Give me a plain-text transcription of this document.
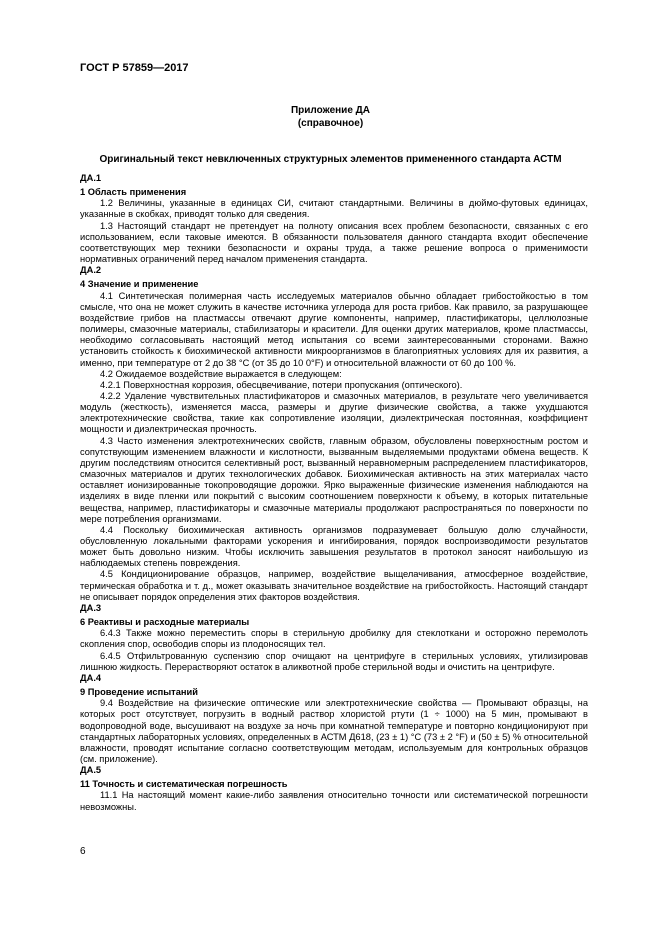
ГОСТ Р 57859—2017
Приложение ДА
(справочное)
Оригинальный текст невключенных структурных элементов примененного стандарта АСТМ
ДА.1
1 Область применения
1.2 Величины, указанные в единицах СИ, считают стандартными. Величины в дюймо-футовых единицах, указанные в скобках, приводят только для сведения.
1.3 Настоящий стандарт не претендует на полноту описания всех проблем безопасности, связанных с его использованием, если таковые имеются. В обязанности пользователя данного стандарта входит обеспечение соответствующих мер техники безопасности и охраны труда, а также решение вопроса о применимости нормативных ограничений перед началом применения стандарта.
ДА.2
4 Значение и применение
4.1 Синтетическая полимерная часть исследуемых материалов обычно обладает грибостойкостью в том смысле, что она не может служить в качестве источника углерода для роста грибов. Как правило, за разрушающее воздействие грибов на пластмассы отвечают другие компоненты, например, пластификаторы, целлюлозные полимеры, смазочные материалы, стабилизаторы и красители. Для оценки других материалов, кроме пластмассы, необходимо согласовывать настоящий метод испытания со всеми заинтересованными сторонами. Важно установить стойкость к биохимической активности микроорганизмов в благоприятных условиях для их развития, а именно, при температуре от 2 до 38 °C (от 35 до 10 0°F) и относительной влажности от 60 до 100 %.
4.2 Ожидаемое воздействие выражается в следующем:
4.2.1 Поверхностная коррозия, обесцвечивание, потери пропускания (оптического).
4.2.2 Удаление чувствительных пластификаторов и смазочных материалов, в результате чего увеличивается модуль (жесткость), изменяется масса, размеры и другие физические свойства, а также ухудшаются электротехнические свойства, такие как сопротивление изоляции, диэлектрическая постоянная, коэффициент мощности и диэлектрическая прочность.
4.3 Часто изменения электротехнических свойств, главным образом, обусловлены поверхностным ростом и сопутствующим изменением влажности и кислотности, вызванным выделяемыми продуктами обмена веществ. К другим последствиям относится селективный рост, вызванный неравномерным распределением пластификаторов, смазочных материалов и других технологических добавок. Биохимическая активность на этих материалах часто оставляет ионизированные токопроводящие дорожки. Ярко выраженные физические изменения наблюдаются на изделиях в виде пленки или покрытий с высоким соотношением поверхности к объему, в которых питательные вещества, например, пластификаторы и смазочные материалы продолжают распространяться по поверхности по мере потребления организмами.
4.4 Поскольку биохимическая активность организмов подразумевает большую долю случайности, обусловленную локальными факторами ускорения и ингибирования, порядок воспроизводимости результатов может быть довольно низким. Чтобы исключить завышения результатов в протокол заносят наибольшую из наблюдаемых степень повреждения.
4.5 Кондиционирование образцов, например, воздействие выщелачивания, атмосферное воздействие, термическая обработка и т. д., может оказывать значительное воздействие на грибостойкость. Настоящий стандарт не описывает порядок определения этих факторов воздействия.
ДА.3
6 Реактивы и расходные материалы
6.4.3 Также можно переместить споры в стерильную дробилку для стеклоткани и осторожно перемолоть скопления спор, освободив споры из плодоносящих тел.
6.4.5 Отфильтрованную суспензию спор очищают на центрифуге в стерильных условиях, утилизировав лишнюю жидкость. Перерастворяют остаток в аликвотной пробе стерильной воды и очистить на центрифуге.
ДА.4
9 Проведение испытаний
9.4 Воздействие на физические оптические или электротехнические свойства — Промывают образцы, на которых рост отсутствует, погрузить в водный раствор хлористой ртути (1 ÷ 1000) на 5 мин, промывают в водопроводной воде, высушивают на воздухе за ночь при комнатной температуре и повторно кондиционируют при стандартных лабораторных условиях, определенных в АСТМ Д618, (23 ± 1) °C (73 ± 2 °F) и (50 ± 5) % относительной влажности, проводят испытание согласно соответствующим методам, используемым для контрольных образцов (см. приложение).
ДА.5
11 Точность и систематическая погрешность
11.1 На настоящий момент какие-либо заявления относительно точности или систематической погрешности невозможны.
6
